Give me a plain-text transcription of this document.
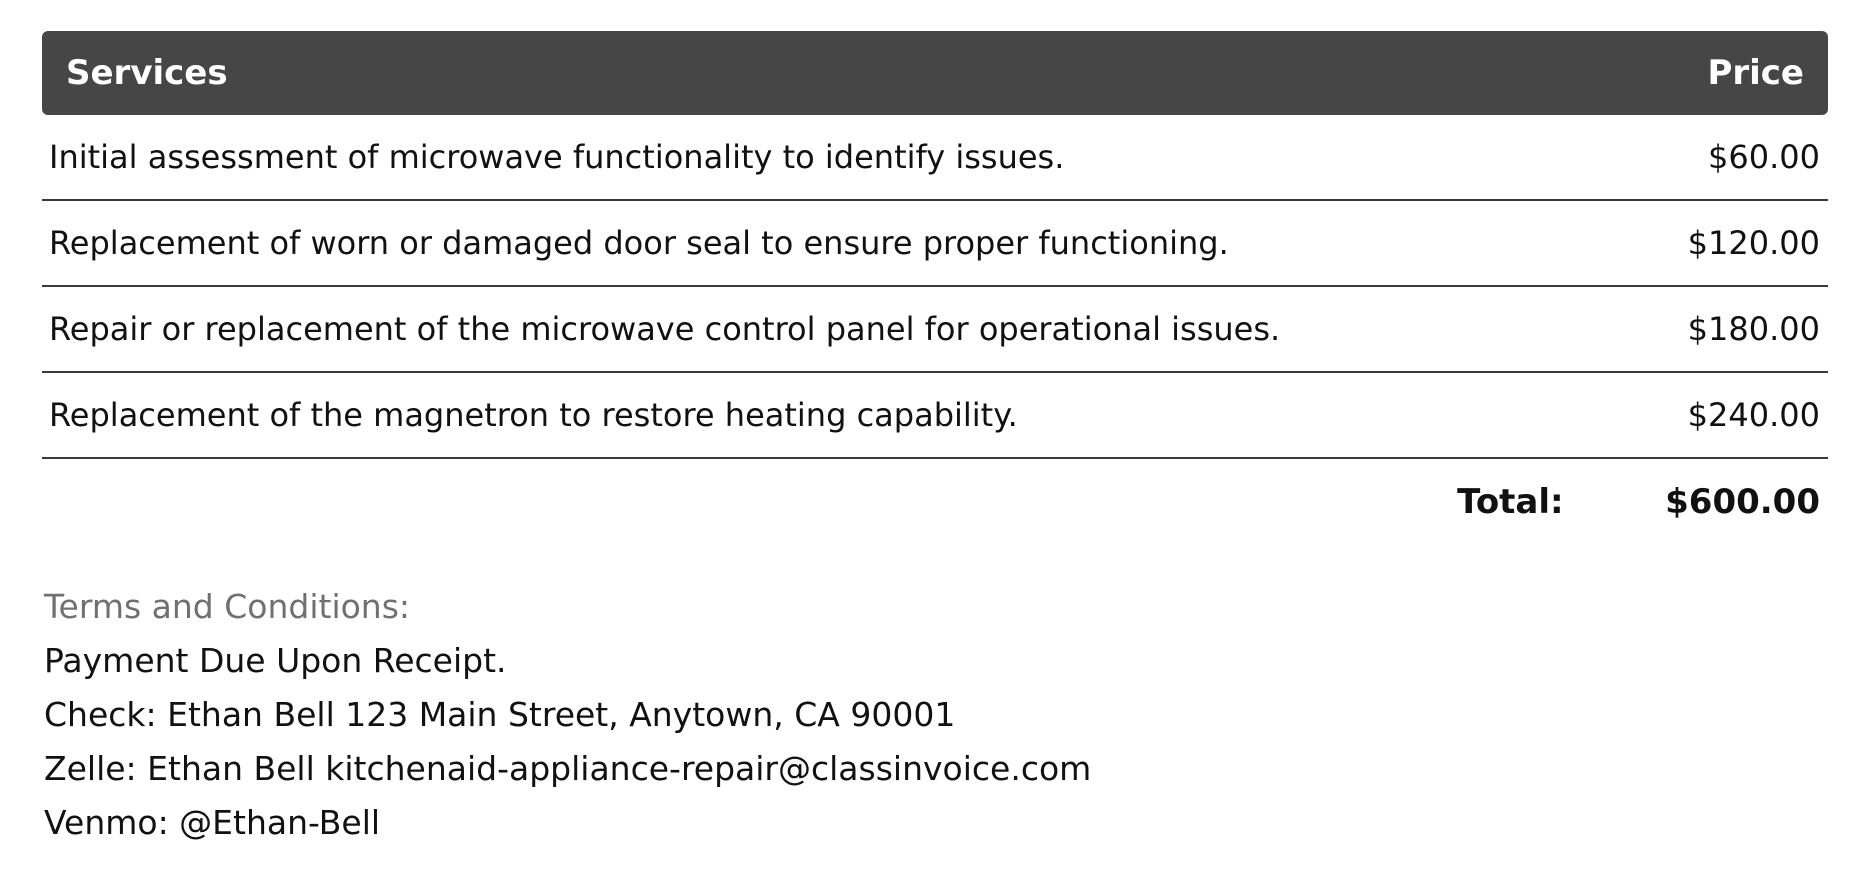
Services	Price
Initial assessment of microwave functionality to identify issues.	$60.00
Replacement of worn or damaged door seal to ensure proper functioning.	$120.00
Repair or replacement of the microwave control panel for operational issues.	$180.00
Replacement of the magnetron to restore heating capability.	$240.00
Total:	$600.00
Terms and Conditions:
Payment Due Upon Receipt.
Check: Ethan Bell 123 Main Street, Anytown, CA 90001
Zelle: Ethan Bell kitchenaid-appliance-repair@classinvoice.com
Venmo: @Ethan-Bell
